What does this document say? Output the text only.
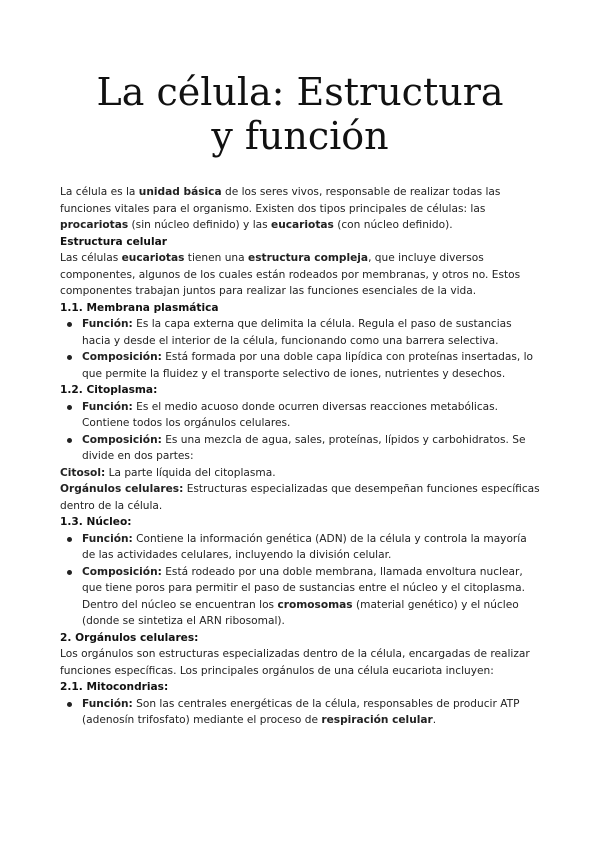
La célula: Estructura
y función

La célula es la unidad básica de los seres vivos, responsable de realizar todas las funciones vitales para el organismo. Existen dos tipos principales de células: las procariotas (sin núcleo definido) y las eucariotas (con núcleo definido).

Estructura celular

Las células eucariotas tienen una estructura compleja, que incluye diversos componentes, algunos de los cuales están rodeados por membranas, y otros no. Estos componentes trabajan juntos para realizar las funciones esenciales de la vida.

1.1. Membrana plasmática

Función: Es la capa externa que delimita la célula. Regula el paso de sustancias hacia y desde el interior de la célula, funcionando como una barrera selectiva.
Composición: Está formada por una doble capa lipídica con proteínas insertadas, lo que permite la fluidez y el transporte selectivo de iones, nutrientes y desechos.

1.2. Citoplasma:

Función: Es el medio acuoso donde ocurren diversas reacciones metabólicas. Contiene todos los orgánulos celulares.
Composición: Es una mezcla de agua, sales, proteínas, lípidos y carbohidratos. Se divide en dos partes:

Citosol: La parte líquida del citoplasma.

Orgánulos celulares: Estructuras especializadas que desempeñan funciones específicas dentro de la célula.

1.3. Núcleo:

Función: Contiene la información genética (ADN) de la célula y controla la mayoría de las actividades celulares, incluyendo la división celular.
Composición: Está rodeado por una doble membrana, llamada envoltura nuclear, que tiene poros para permitir el paso de sustancias entre el núcleo y el citoplasma. Dentro del núcleo se encuentran los cromosomas (material genético) y el núcleo (donde se sintetiza el ARN ribosomal).

2. Orgánulos celulares:

Los orgánulos son estructuras especializadas dentro de la célula, encargadas de realizar funciones específicas. Los principales orgánulos de una célula eucariota incluyen:

2.1. Mitocondrias:

Función: Son las centrales energéticas de la célula, responsables de producir ATP (adenosín trifosfato) mediante el proceso de respiración celular.
